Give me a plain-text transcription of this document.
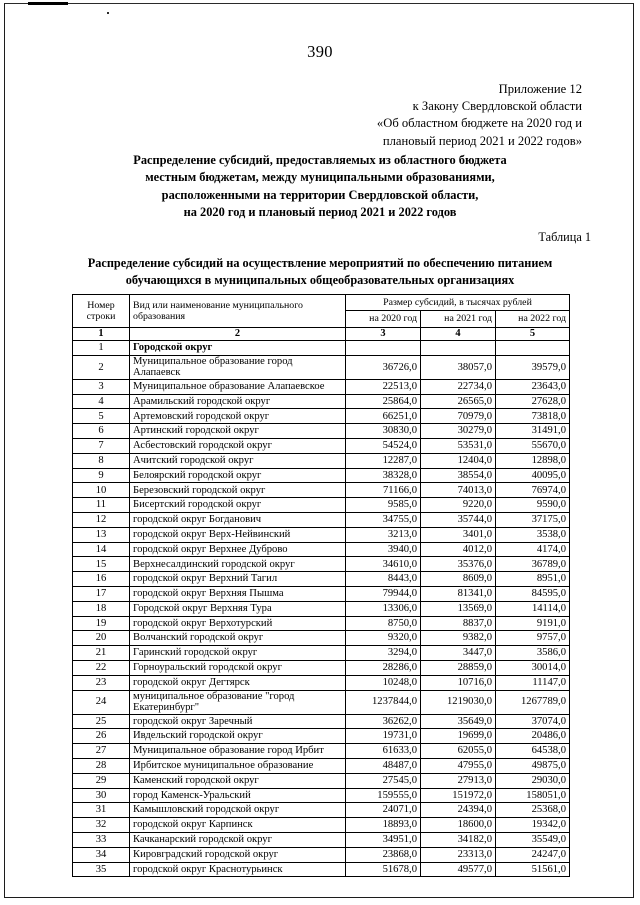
390
Приложение 12
к Закону Свердловской области
«Об областном бюджете на 2020 год и
плановый период 2021 и 2022 годов»
Распределение субсидий, предоставляемых из областного бюджета
местным бюджетам, между муниципальными образованиями,
расположенными на территории Свердловской области,
на 2020 год и плановый период 2021 и 2022 годов
Таблица 1
Распределение субсидий на осуществление мероприятий по обеспечению питанием
обучающихся в муниципальных общеобразовательных организациях
Номер
строки	Вид или наименование муниципального
образования	Размер субсидий, в тысячах рублей		
		на 2020 год	на 2021 год	на 2022 год
1	2	3	4	5
1	Городской округ			
2	Муниципальное образование город Алапаевск	36726,0	38057,0	39579,0
3	Муниципальное образование Алапаевское	22513,0	22734,0	23643,0
4	Арамильский городской округ	25864,0	26565,0	27628,0
5	Артемовский городской округ	66251,0	70979,0	73818,0
6	Артинский городской округ	30830,0	30279,0	31491,0
7	Асбестовский городской округ	54524,0	53531,0	55670,0
8	Ачитский городской округ	12287,0	12404,0	12898,0
9	Белоярский городской округ	38328,0	38554,0	40095,0
10	Березовский городской округ	71166,0	74013,0	76974,0
11	Бисертский городской округ	9585,0	9220,0	9590,0
12	городской округ Богданович	34755,0	35744,0	37175,0
13	городской округ Верх-Нейвинский	3213,0	3401,0	3538,0
14	городской округ Верхнее Дуброво	3940,0	4012,0	4174,0
15	Верхнесалдинский городской округ	34610,0	35376,0	36789,0
16	городской округ Верхний Тагил	8443,0	8609,0	8951,0
17	городской округ Верхняя Пышма	79944,0	81341,0	84595,0
18	Городской округ Верхняя Тура	13306,0	13569,0	14114,0
19	городской округ Верхотурский	8750,0	8837,0	9191,0
20	Волчанский городской округ	9320,0	9382,0	9757,0
21	Гаринский городской округ	3294,0	3447,0	3586,0
22	Горноуральский городской округ	28286,0	28859,0	30014,0
23	городской округ Дегтярск	10248,0	10716,0	11147,0
24	муниципальное образование "город Екатеринбург"	1237844,0	1219030,0	1267789,0
25	городской округ Заречный	36262,0	35649,0	37074,0
26	Ивдельский городской округ	19731,0	19699,0	20486,0
27	Муниципальное образование город Ирбит	61633,0	62055,0	64538,0
28	Ирбитское муниципальное образование	48487,0	47955,0	49875,0
29	Каменский городской округ	27545,0	27913,0	29030,0
30	город Каменск-Уральский	159555,0	151972,0	158051,0
31	Камышловский городской округ	24071,0	24394,0	25368,0
32	городской округ Карпинск	18893,0	18600,0	19342,0
33	Качканарский городской округ	34951,0	34182,0	35549,0
34	Кировградский городской округ	23868,0	23313,0	24247,0
35	городской округ Краснотурьинск	51678,0	49577,0	51561,0
